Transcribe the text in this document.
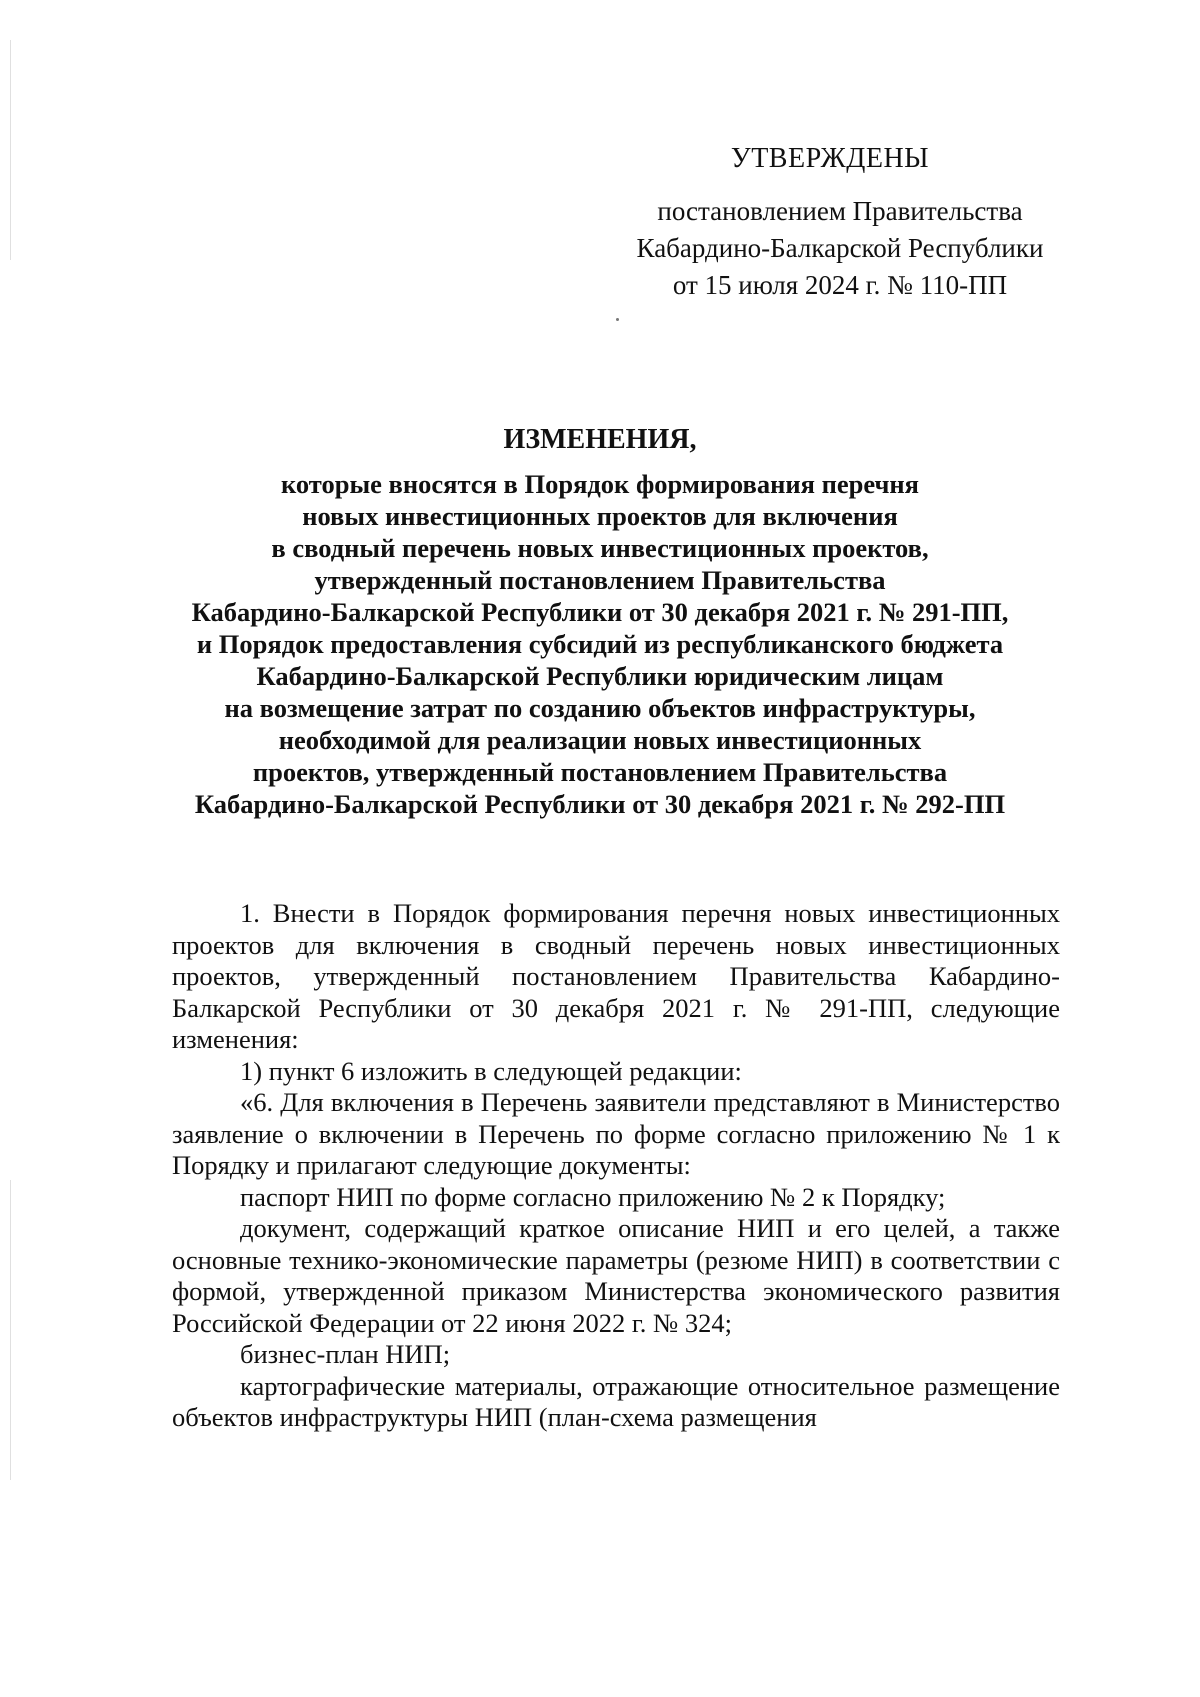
УТВЕРЖДЕНЫ
постановлением Правительства
Кабардино-Балкарской Республики
от 15 июля 2024 г. № 110-ПП
ИЗМЕНЕНИЯ,
которые вносятся в Порядок формирования перечня
новых инвестиционных проектов для включения
в сводный перечень новых инвестиционных проектов,
утвержденный постановлением Правительства
Кабардино-Балкарской Республики от 30 декабря 2021 г. № 291-ПП,
и Порядок предоставления субсидий из республиканского бюджета
Кабардино-Балкарской Республики юридическим лицам
на возмещение затрат по созданию объектов инфраструктуры,
необходимой для реализации новых инвестиционных
проектов, утвержденный постановлением Правительства
Кабардино-Балкарской Республики от 30 декабря 2021 г. № 292-ПП

1. Внести в Порядок формирования перечня новых инвестиционных проектов для включения в сводный перечень новых инвестиционных проектов, утвержденный постановлением Правительства Кабардино-Балкарской Республики от 30 декабря 2021 г. № 291-ПП, следующие изменения:

1) пункт 6 изложить в следующей редакции:

«6. Для включения в Перечень заявители представляют в Министерство заявление о включении в Перечень по форме согласно приложению № 1 к Порядку и прилагают следующие документы:

паспорт НИП по форме согласно приложению № 2 к Порядку;

документ, содержащий краткое описание НИП и его целей, а также основные технико-экономические параметры (резюме НИП) в соответствии с формой, утвержденной приказом Министерства экономического развития Российской Федерации от 22 июня 2022 г. № 324;

бизнес-план НИП;

картографические материалы, отражающие относительное размещение объектов инфраструктуры НИП (план-схема размещения
